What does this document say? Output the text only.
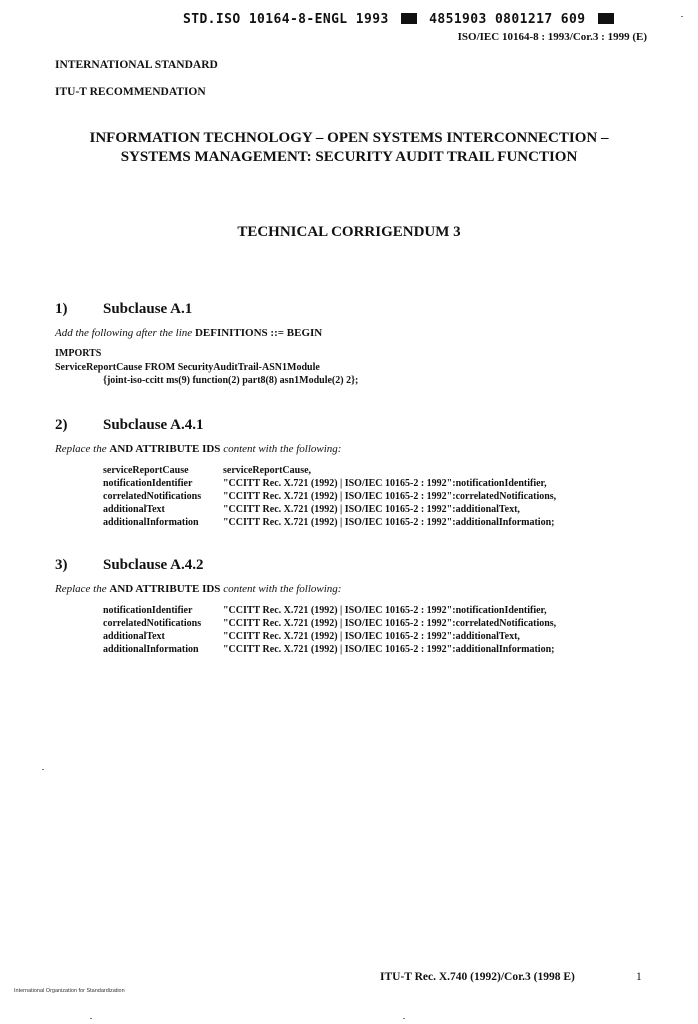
STD.ISO 10164-8-ENGL 1993	4851903 0801217 609
ISO/IEC 10164-8 : 1993/Cor.3 : 1999 (E)
INTERNATIONAL STANDARD
ITU-T RECOMMENDATION
INFORMATION TECHNOLOGY – OPEN SYSTEMS INTERCONNECTION –
SYSTEMS MANAGEMENT: SECURITY AUDIT TRAIL FUNCTION
TECHNICAL CORRIGENDUM 3
1) Subclause A.1
Add the following after the line DEFINITIONS ::= BEGIN
IMPORTS
ServiceReportCause FROM SecurityAuditTrail-ASN1Module
{joint-iso-ccitt ms(9) function(2) part8(8) asn1Module(2) 2};
2) Subclause A.4.1
Replace the AND ATTRIBUTE IDS content with the following:
serviceReportCause	serviceReportCause,
notificationIdentifier	"CCITT Rec. X.721 (1992) | ISO/IEC 10165-2 : 1992":notificationIdentifier,
correlatedNotifications "CCITT Rec. X.721 (1992) | ISO/IEC 10165-2 : 1992":correlatedNotifications,
additionalText	"CCITT Rec. X.721 (1992) | ISO/IEC 10165-2 : 1992":additionalText,
additionalInformation "CCITT Rec. X.721 (1992) | ISO/IEC 10165-2 : 1992":additionalInformation;
3) Subclause A.4.2
Replace the AND ATTRIBUTE IDS content with the following:
notificationIdentifier	"CCITT Rec. X.721 (1992) | ISO/IEC 10165-2 : 1992":notificationIdentifier,
correlatedNotifications "CCITT Rec. X.721 (1992) | ISO/IEC 10165-2 : 1992":correlatedNotifications,
additionalText	"CCITT Rec. X.721 (1992) | ISO/IEC 10165-2 : 1992":additionalText,
additionalInformation "CCITT Rec. X.721 (1992) | ISO/IEC 10165-2 : 1992":additionalInformation;
ITU-T Rec. X.740 (1992)/Cor.3 (1998 E)	1
International Organization for Standardization
